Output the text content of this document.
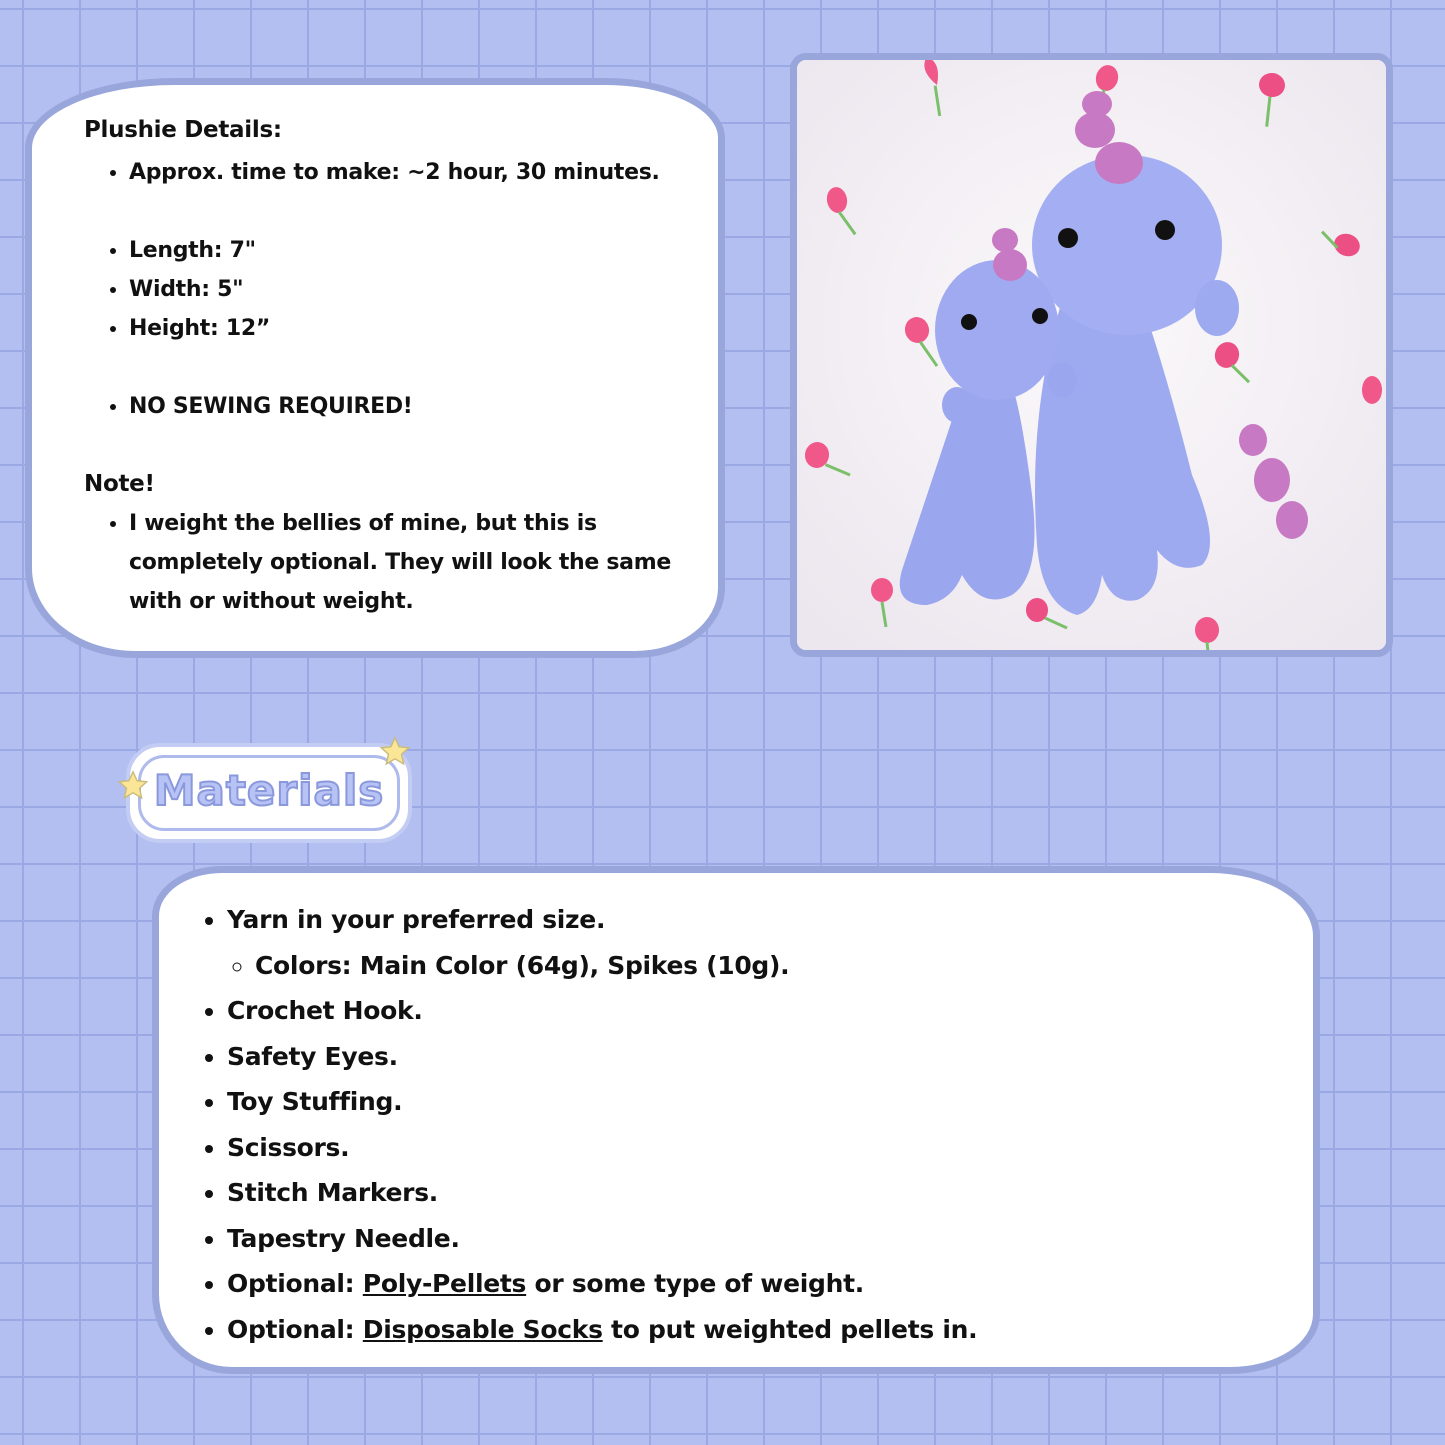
Plushie Details:
• Approx. time to make: ~2 hour, 30 minutes.
• Length: 7"
• Width: 5"
• Height: 12”
• NO SEWING REQUIRED!
Note!
• I weight the bellies of mine, but this is completely optional. They will look the same with or without weight.
Materials
• Yarn in your preferred size.
◦ Colors: Main Color (64g), Spikes (10g).
• Crochet Hook.
• Safety Eyes.
• Toy Stuffing.
• Scissors.
• Stitch Markers.
• Tapestry Needle.
• Optional: Poly-Pellets or some type of weight.
• Optional: Disposable Socks to put weighted pellets in.
